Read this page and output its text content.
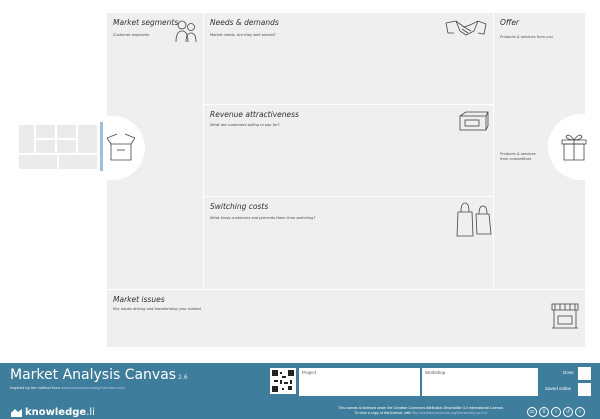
Market segments
Customer segments
Needs & demands
Market needs. Are they well served?
Revenue attractiveness
What are customers willing to pay for?
Switching costs
What binds customers and prevents them from switching?
Offer
Products & services from you
Products & services
from competitors
Market issues
Key issues driving and transforming your market
Market Analysis Canvas 2.6
Inspired by the method from www.businessmodelgeneration.com
knowledge.li
Project	Workshop	Done
Saved online
This canvas is licensed under the Creative Commons Attribution-ShareAlike 4.0 International License.
To view a copy of this license, visit http://creativecommons.org/licenses/by-sa/4.0/	cc	0	i	↺	i
